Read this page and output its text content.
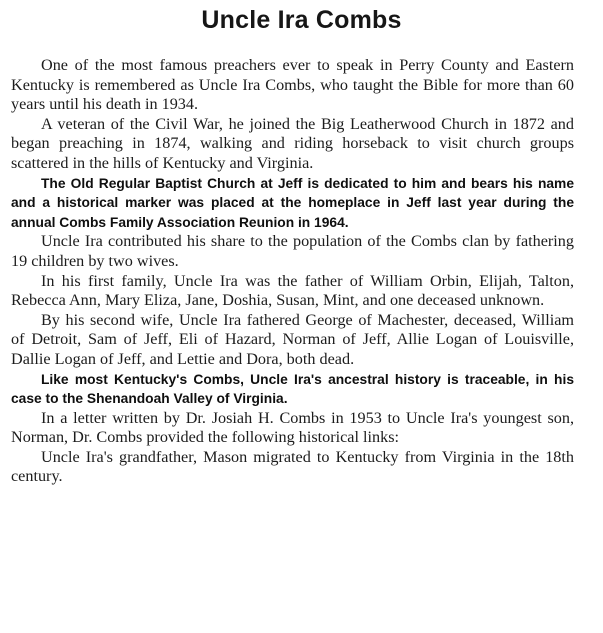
Uncle Ira Combs

One of the most famous preachers ever to speak in Perry County and Eastern Kentucky is remembered as Uncle Ira Combs, who taught the Bible for more than 60 years until his death in 1934.

A veteran of the Civil War, he joined the Big Leatherwood Church in 1872 and began preaching in 1874, walking and riding horseback to visit church groups scattered in the hills of Kentucky and Virginia.

The Old Regular Baptist Church at Jeff is dedicated to him and bears his name and a historical marker was placed at the homeplace in Jeff last year during the annual Combs Family Association Reunion in 1964.

Uncle Ira contributed his share to the population of the Combs clan by fathering 19 children by two wives.

In his first family, Uncle Ira was the father of William Orbin, Elijah, Talton, Rebecca Ann, Mary Eliza, Jane, Doshia, Susan, Mint, and one deceased unknown.

By his second wife, Uncle Ira fathered George of Machester, deceased, William of Detroit, Sam of Jeff, Eli of Hazard, Norman of Jeff, Allie Logan of Louisville, Dallie Logan of Jeff, and Lettie and Dora, both dead.

Like most Kentucky's Combs, Uncle Ira's ancestral history is traceable, in his case to the Shenandoah Valley of Virginia.

In a letter written by Dr. Josiah H. Combs in 1953 to Uncle Ira's youngest son, Norman, Dr. Combs provided the following historical links:

Uncle Ira's grandfather, Mason migrated to Kentucky from Virginia in the 18th century.
